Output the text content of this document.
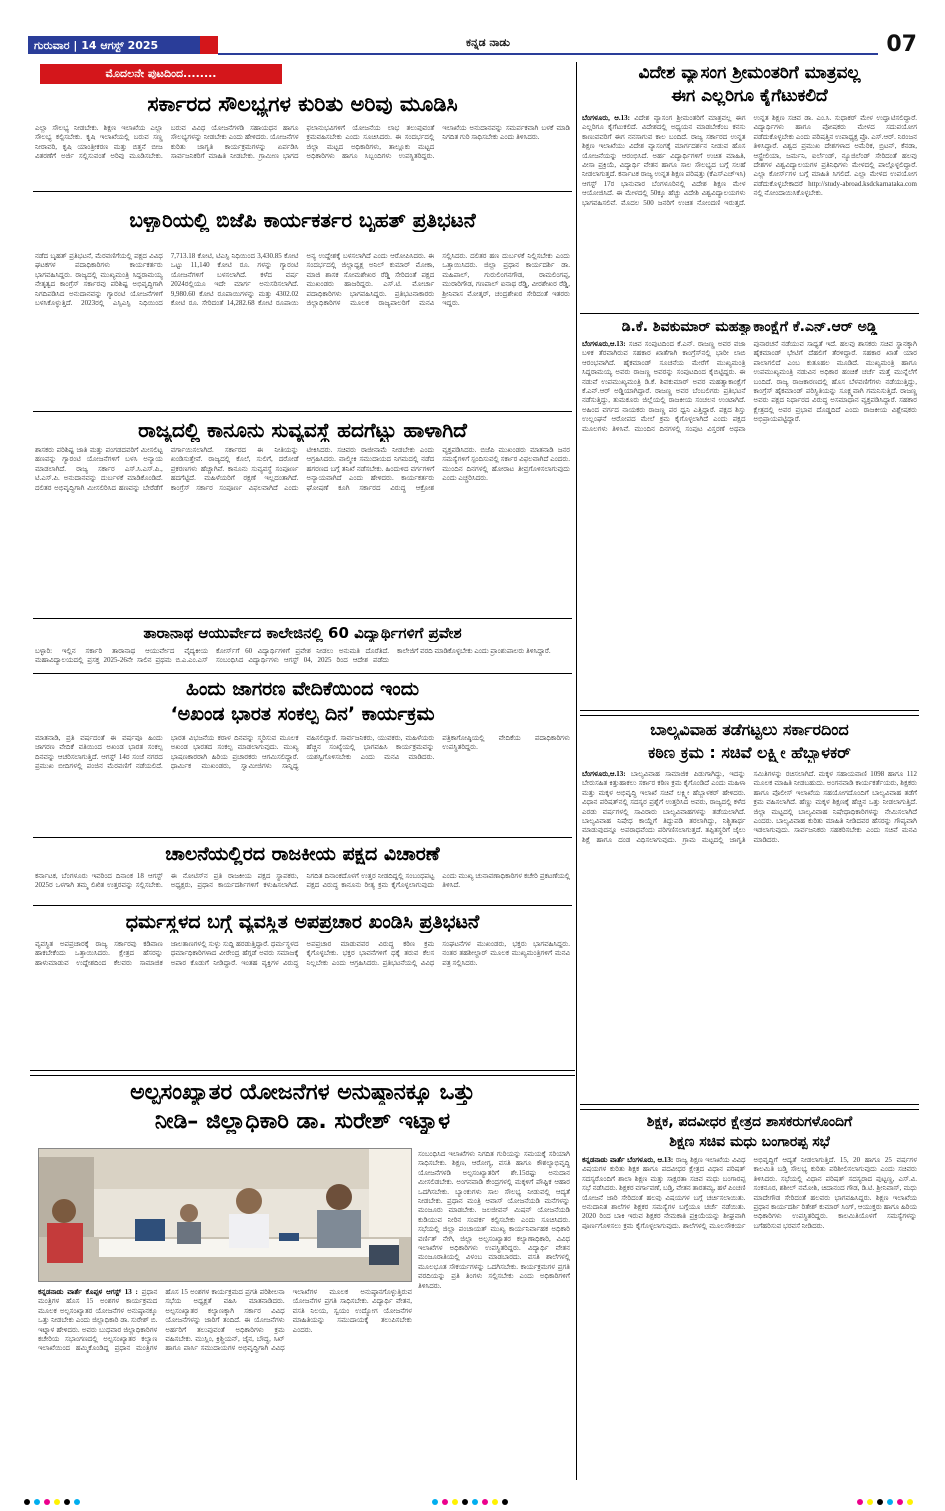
ಗುರುವಾರ | 14 ಆಗಸ್ಟ್ 2025	ಕನ್ನಡ ನಾಡು	07
ಮೊದಲನೇ ಪುಟದಿಂದ........
ಸರ್ಕಾರದ ಸೌಲಭ್ಯಗಳ ಕುರಿತು ಅರಿವು ಮೂಡಿಸಿ
ಎಲ್ಲಾ ಸೌಲಭ್ಯ ನೀಡಬೇಕು. ಶಿಕ್ಷಣ ಇಲಾಖೆಯ ಎಲ್ಲಾ ಸೌಲಭ್ಯ ಕಲ್ಪಿಸಬೇಕು. ಕೃಷಿ ಇಲಾಖೆಯಲ್ಲಿ ಬರುವ ಸಣ್ಣ ನೀರಾವರಿ, ಕೃಷಿ ಯಾಂತ್ರೀಕರಣ ಮತ್ತು ಬಿತ್ತನೆ ಬೀಜ ವಿತರಣೆಗೆ ಅರ್ಜಿ ಸಲ್ಲಿಸುವಂತೆ ಅರಿವು ಮೂಡಿಸಬೇಕು. ಬರುವ ವಿವಿಧ ಯೋಜನೆಗಳಡಿ ಸಹಾಯಧನ ಹಾಗೂ ಸೌಲಭ್ಯಗಳನ್ನು ನೀಡಬೇಕು ಎಂದು ಹೇಳಿದರು. ಯೋಜನೆಗಳ ಕುರಿತು ಜಾಗೃತಿ ಕಾರ್ಯಕ್ರಮಗಳನ್ನು ಏರ್ಪಡಿಸಿ ಸಾರ್ವಜನಿಕರಿಗೆ ಮಾಹಿತಿ ನೀಡಬೇಕು. ಗ್ರಾಮೀಣ ಭಾಗದ ಫಲಾನುಭವಿಗಳಿಗೆ ಯೋಜನೆಯ ಲಾಭ ತಲುಪುವಂತೆ ಕ್ರಮವಹಿಸಬೇಕು ಎಂದು ಸೂಚಿಸಿದರು. ಈ ಸಂದರ್ಭದಲ್ಲಿ ಜಿಲ್ಲಾ ಮಟ್ಟದ ಅಧಿಕಾರಿಗಳು, ತಾಲ್ಲೂಕು ಮಟ್ಟದ ಅಧಿಕಾರಿಗಳು ಹಾಗೂ ಸಿಬ್ಬಂದಿಗಳು ಉಪಸ್ಥಿತರಿದ್ದರು. ಇಲಾಖೆಯ ಅನುದಾನವನ್ನು ಸಮರ್ಪಕವಾಗಿ ಬಳಕೆ ಮಾಡಿ ನಿಗದಿತ ಗುರಿ ಸಾಧಿಸಬೇಕು ಎಂದು ತಿಳಿಸಿದರು.
ಬಳ್ಳಾರಿಯಲ್ಲಿ ಬಿಜೆಪಿ ಕಾರ್ಯಕರ್ತರ ಬೃಹತ್ ಪ್ರತಿಭಟನೆ
ನಡೆದ ಬೃಹತ್ ಪ್ರತಿಭಟನೆ, ಮೆರವಣಿಗೆಯಲ್ಲಿ ಪಕ್ಷದ ವಿವಿಧ ಘಟಕಗಳ ಪದಾಧಿಕಾರಿಗಳು ಕಾರ್ಯಕರ್ತರು ಭಾಗವಹಿಸಿದ್ದರು. ರಾಜ್ಯದಲ್ಲಿ ಮುಖ್ಯಮಂತ್ರಿ ಸಿದ್ದರಾಮಯ್ಯ ನೇತೃತ್ವದ ಕಾಂಗ್ರೆಸ್ ಸರ್ಕಾರವು ಪರಿಶಿಷ್ಟ ಅಭಿವೃದ್ಧಿಗಾಗಿ ನಿಗದಿಪಡಿಸಿದ ಅನುದಾನವನ್ನು ಗ್ಯಾರಂಟಿ ಯೋಜನೆಗಳಿಗೆ ಬಳಸಿಕೊಳ್ಳುತ್ತಿದೆ. 2023ರಲ್ಲಿ ಎಸ್ಸಿಎಸ್ಪಿ ನಿಧಿಯಿಂದ 7,713.18 ಕೋಟಿ, ಟಿಎಸ್ಪಿ ನಿಧಿಯಿಂದ 3,430.85 ಕೋಟಿ ಒಟ್ಟು 11,140 ಕೋಟಿ ರೂ. ಗಳನ್ನು ಗ್ಯಾರಂಟಿ ಯೋಜನೆಗಳಿಗೆ ಬಳಸಲಾಗಿದೆ. ಕಳೆದ ವರ್ಷ 2024ರಲ್ಲಿಯೂ ಇದೇ ಮಾರ್ಗ ಅನುಸರಿಸಲಾಗಿದೆ. 9,980.60 ಕೋಟಿ ರೂಪಾಯಿಗಳನ್ನು ಮತ್ತು 4302.02 ಕೋಟಿ ರೂ. ಸೇರಿದಂತೆ 14,282.68 ಕೋಟಿ ರೂಪಾಯಿ ಅನ್ಯ ಉದ್ದೇಶಕ್ಕೆ ಬಳಸಲಾಗಿದೆ ಎಂದು ಆರೋಪಿಸಿದರು. ಈ ಸಂದರ್ಭದಲ್ಲಿ ಜಿಲ್ಲಾಧ್ಯಕ್ಷ ಅನಿಲ್ ಕುಮಾರ್ ಮೋಕಾ, ಮಾಜಿ ಶಾಸಕ ಸೋಮಶೇಖರ ರೆಡ್ಡಿ ಸೇರಿದಂತೆ ಪಕ್ಷದ ಮುಖಂಡರು ಹಾಜರಿದ್ದರು. ಎಸ್.ಟಿ. ಮೋರ್ಚಾ ಪದಾಧಿಕಾರಿಗಳು ಭಾಗವಹಿಸಿದ್ದರು. ಪ್ರತಿಭಟನಾಕಾರರು ಜಿಲ್ಲಾಧಿಕಾರಿಗಳ ಮೂಲಕ ರಾಜ್ಯಪಾಲರಿಗೆ ಮನವಿ ಸಲ್ಲಿಸಿದರು. ದಲಿತರ ಹಣ ದುರ್ಬಳಕೆ ನಿಲ್ಲಿಸಬೇಕು ಎಂದು ಒತ್ತಾಯಿಸಿದರು. ಜಿಲ್ಲಾ ಪ್ರಧಾನ ಕಾರ್ಯದರ್ಶಿ ಡಾ. ಮಹಿಪಾಲ್, ಗುರುಲಿಂಗನಗೌಡ, ರಾಮಲಿಂಗಪ್ಪ, ಮುರಾರಿಗೌಡ, ಗಣಪಾಲ್ ಐನಾಥ ರೆಡ್ಡಿ, ವೀರಶೇಖರ ರೆಡ್ಡಿ, ಶ್ರೀನಿವಾಸ ಮೋತ್ಕರ್, ಚಂದ್ರಶೇಖರ ಸೇರಿದಂತೆ ಇತರರು ಇದ್ದರು.
ರಾಜ್ಯದಲ್ಲಿ ಕಾನೂನು ಸುವ್ಯವಸ್ಥೆ ಹದಗೆಟ್ಟು ಹಾಳಾಗಿದೆ
ಶಾಸಕರು ಪರಿಶಿಷ್ಟ ಜಾತಿ ಮತ್ತು ಪಂಗಡದವರಿಗೆ ಮೀಸಲಿಟ್ಟ ಹಣವನ್ನು ಗ್ಯಾರಂಟಿ ಯೋಜನೆಗಳಿಗೆ ಬಳಸಿ ಅನ್ಯಾಯ ಮಾಡಲಾಗಿದೆ. ರಾಜ್ಯ ಸರ್ಕಾರ ಎಸ್.ಸಿ.ಎಸ್.ಪಿ., ಟಿ.ಎಸ್.ಪಿ. ಅನುದಾನವನ್ನು ದುರ್ಬಳಕೆ ಮಾಡಿಕೊಂಡಿದೆ. ದಲಿತರ ಅಭಿವೃದ್ಧಿಗಾಗಿ ಮೀಸಲಿರಿಸಿದ ಹಣವನ್ನು ಬೇರೆಡೆಗೆ ವರ್ಗಾಯಿಸಲಾಗಿದೆ. ಸರ್ಕಾರದ ಈ ನೀತಿಯನ್ನು ಖಂಡಿಸುತ್ತೇವೆ. ರಾಜ್ಯದಲ್ಲಿ ಕೊಲೆ, ಸುಲಿಗೆ, ದರೋಡೆ ಪ್ರಕರಣಗಳು ಹೆಚ್ಚಾಗಿವೆ. ಕಾನೂನು ಸುವ್ಯವಸ್ಥೆ ಸಂಪೂರ್ಣ ಹದಗೆಟ್ಟಿದೆ. ಮಹಿಳೆಯರಿಗೆ ರಕ್ಷಣೆ ಇಲ್ಲದಂತಾಗಿದೆ. ಕಾಂಗ್ರೆಸ್ ಸರ್ಕಾರ ಸಂಪೂರ್ಣ ವಿಫಲವಾಗಿದೆ ಎಂದು ಟೀಕಿಸಿದರು. ಸಚಿವರು ರಾಜೀನಾಮೆ ನೀಡಬೇಕು ಎಂದು ಆಗ್ರಹಿಸಿದರು. ವಾಲ್ಮೀಕಿ ಸಮುದಾಯದ ನಿಗಮದಲ್ಲಿ ನಡೆದ ಹಗರಣದ ಬಗ್ಗೆ ತನಿಖೆ ನಡೆಸಬೇಕು. ಹಿಂದುಳಿದ ವರ್ಗಗಳಿಗೆ ಅನ್ಯಾಯವಾಗಿದೆ ಎಂದು ಹೇಳಿದರು. ಕಾರ್ಯಕರ್ತರು ಘೋಷಣೆ ಕೂಗಿ ಸರ್ಕಾರದ ವಿರುದ್ಧ ಆಕ್ರೋಶ ವ್ಯಕ್ತಪಡಿಸಿದರು. ಬಿಜೆಪಿ ಮುಖಂಡರು ಮಾತನಾಡಿ ಜನರ ಸಮಸ್ಯೆಗಳಿಗೆ ಸ್ಪಂದಿಸುವಲ್ಲಿ ಸರ್ಕಾರ ವಿಫಲವಾಗಿದೆ ಎಂದರು. ಮುಂದಿನ ದಿನಗಳಲ್ಲಿ ಹೋರಾಟ ತೀವ್ರಗೊಳಿಸಲಾಗುವುದು ಎಂದು ಎಚ್ಚರಿಸಿದರು.
ತಾರಾನಾಥ ಆಯುರ್ವೇದ ಕಾಲೇಜಿನಲ್ಲಿ 60 ವಿದ್ಯಾರ್ಥಿಗಳಿಗೆ ಪ್ರವೇಶ
ಬಳ್ಳಾರಿ: ಇಲ್ಲಿನ ಸರ್ಕಾರಿ ತಾರಾನಾಥ ಆಯುರ್ವೇದ ವೈದ್ಯಕೀಯ ಮಹಾವಿದ್ಯಾಲಯದಲ್ಲಿ ಪ್ರಸಕ್ತ 2025-26ನೇ ಸಾಲಿನ ಪ್ರಥಮ ಬಿ.ಎ.ಎಂ.ಎಸ್ ಕೋರ್ಸ್‌ಗೆ 60 ವಿದ್ಯಾರ್ಥಿಗಳಿಗೆ ಪ್ರವೇಶ ನೀಡಲು ಅನುಮತಿ ದೊರೆತಿದೆ. ಸಂಬಂಧಿಸಿದ ವಿದ್ಯಾರ್ಥಿಗಳು ಆಗಸ್ಟ್ 04, 2025 ರಿಂದ ಆದೇಶ ಪಡೆದು ಕಾಲೇಜಿಗೆ ವರದಿ ಮಾಡಿಕೊಳ್ಳಬೇಕು ಎಂದು ಪ್ರಾಂಶುಪಾಲರು ತಿಳಿಸಿದ್ದಾರೆ.
ಹಿಂದು ಜಾಗರಣ ವೇದಿಕೆಯಿಂದ ಇಂದು
‘ಅಖಂಡ ಭಾರತ ಸಂಕಲ್ಪ ದಿನ’ ಕಾರ್ಯಕ್ರಮ
ಮಾತನಾಡಿ, ಪ್ರತಿ ವರ್ಷದಂತೆ ಈ ವರ್ಷವೂ ಹಿಂದು ಜಾಗರಣ ವೇದಿಕೆ ವತಿಯಿಂದ ಅಖಂಡ ಭಾರತ ಸಂಕಲ್ಪ ದಿನವನ್ನು ಆಚರಿಸಲಾಗುತ್ತಿದೆ. ಆಗಸ್ಟ್ 14ರ ಸಂಜೆ ನಗರದ ಪ್ರಮುಖ ಬೀದಿಗಳಲ್ಲಿ ಪಂಜಿನ ಮೆರವಣಿಗೆ ನಡೆಯಲಿದೆ. ಭಾರತ ವಿಭಜನೆಯ ಕರಾಳ ದಿನವನ್ನು ಸ್ಮರಿಸುವ ಮೂಲಕ ಅಖಂಡ ಭಾರತದ ಸಂಕಲ್ಪ ಮಾಡಲಾಗುವುದು. ಮುಖ್ಯ ಭಾಷಣಕಾರರಾಗಿ ಹಿರಿಯ ಪ್ರಚಾರಕರು ಆಗಮಿಸಲಿದ್ದಾರೆ. ಧಾರ್ಮಿಕ ಮುಖಂಡರು, ಸ್ವಾಮೀಜಿಗಳು ಸಾನ್ನಿಧ್ಯ ವಹಿಸಲಿದ್ದಾರೆ. ಸಾರ್ವಜನಿಕರು, ಯುವಕರು, ಮಹಿಳೆಯರು ಹೆಚ್ಚಿನ ಸಂಖ್ಯೆಯಲ್ಲಿ ಭಾಗವಹಿಸಿ ಕಾರ್ಯಕ್ರಮವನ್ನು ಯಶಸ್ವಿಗೊಳಿಸಬೇಕು ಎಂದು ಮನವಿ ಮಾಡಿದರು. ಪತ್ರಿಕಾಗೋಷ್ಠಿಯಲ್ಲಿ ವೇದಿಕೆಯ ಪದಾಧಿಕಾರಿಗಳು ಉಪಸ್ಥಿತರಿದ್ದರು.
ಚಾಲನೆಯಲ್ಲಿರದ ರಾಜಕೀಯ ಪಕ್ಷದ ವಿಚಾರಣೆ
ಕರ್ನಾಟಕ, ಬೆಂಗಳೂರು ಇವರಿಂದ ದಿನಾಂಕ 18 ಆಗಸ್ಟ್ 2025ರ ಒಳಗಾಗಿ ತಮ್ಮ ಲಿಖಿತ ಉತ್ತರವನ್ನು ಸಲ್ಲಿಸಬೇಕು. ಈ ನೋಟಿಸ್‌ನ ಪ್ರತಿ ರಾಜಕೀಯ ಪಕ್ಷದ ಸ್ಥಾಪಕರು, ಅಧ್ಯಕ್ಷರು, ಪ್ರಧಾನ ಕಾರ್ಯದರ್ಶಿಗಳಿಗೆ ಕಳುಹಿಸಲಾಗಿದೆ. ನಿಗದಿತ ದಿನಾಂಕದೊಳಗೆ ಉತ್ತರ ನೀಡದಿದ್ದಲ್ಲಿ ಸಂಬಂಧಪಟ್ಟ ಪಕ್ಷದ ವಿರುದ್ಧ ಕಾನೂನು ರೀತ್ಯ ಕ್ರಮ ಕೈಗೊಳ್ಳಲಾಗುವುದು ಎಂದು ಮುಖ್ಯ ಚುನಾವಣಾಧಿಕಾರಿಗಳ ಕಚೇರಿ ಪ್ರಕಟಣೆಯಲ್ಲಿ ತಿಳಿಸಿದೆ.
ಧರ್ಮಸ್ಥಳದ ಬಗ್ಗೆ ವ್ಯವಸ್ಥಿತ ಅಪಪ್ರಚಾರ ಖಂಡಿಸಿ ಪ್ರತಿಭಟನೆ
ವ್ಯವಸ್ಥಿತ ಅಪಪ್ರಚಾರಕ್ಕೆ ರಾಜ್ಯ ಸರ್ಕಾರವು ಕಡಿವಾಣ ಹಾಕಬೇಕೆಂದು ಒತ್ತಾಯಿಸಿದರು. ಕ್ಷೇತ್ರದ ಹೆಸರನ್ನು ಹಾಳುಮಾಡುವ ಉದ್ದೇಶದಿಂದ ಕೆಲವರು ಸಾಮಾಜಿಕ ಜಾಲತಾಣಗಳಲ್ಲಿ ಸುಳ್ಳು ಸುದ್ದಿ ಹರಡುತ್ತಿದ್ದಾರೆ. ಧರ್ಮಸ್ಥಳದ ಧರ್ಮಾಧಿಕಾರಿಗಳಾದ ವೀರೇಂದ್ರ ಹೆಗ್ಗಡೆ ಅವರು ಸಮಾಜಕ್ಕೆ ಅಪಾರ ಕೊಡುಗೆ ನೀಡಿದ್ದಾರೆ. ಇಂತಹ ವ್ಯಕ್ತಿಗಳ ವಿರುದ್ಧ ಅಪಪ್ರಚಾರ ಮಾಡುವವರ ವಿರುದ್ಧ ಕಠಿಣ ಕ್ರಮ ಕೈಗೊಳ್ಳಬೇಕು. ಭಕ್ತರ ಭಾವನೆಗಳಿಗೆ ಧಕ್ಕೆ ತರುವ ಕೆಲಸ ನಿಲ್ಲಬೇಕು ಎಂದು ಆಗ್ರಹಿಸಿದರು. ಪ್ರತಿಭಟನೆಯಲ್ಲಿ ವಿವಿಧ ಸಂಘಟನೆಗಳ ಮುಖಂಡರು, ಭಕ್ತರು ಭಾಗವಹಿಸಿದ್ದರು. ನಂತರ ತಹಶೀಲ್ದಾರ್ ಮೂಲಕ ಮುಖ್ಯಮಂತ್ರಿಗಳಿಗೆ ಮನವಿ ಪತ್ರ ಸಲ್ಲಿಸಿದರು.
ಅಲ್ಪಸಂಖ್ಯಾತರ ಯೋಜನೆಗಳ ಅನುಷ್ಠಾನಕ್ಕೂ ಒತ್ತು
ನೀಡಿ– ಜಿಲ್ಲಾಧಿಕಾರಿ ಡಾ. ಸುರೇಶ್ ಇಟ್ನಾಳ
ಕನ್ನಡನಾಡು ವಾರ್ತೆ ಕೊಪ್ಪಳ ಆಗಸ್ಟ್ 13 : ಪ್ರಧಾನ ಮಂತ್ರಿಗಳ ಹೊಸ 15 ಅಂಶಗಳ ಕಾರ್ಯಕ್ರಮದ ಮೂಲಕ ಅಲ್ಪಸಂಖ್ಯಾತರ ಯೋಜನೆಗಳ ಅನುಷ್ಠಾನಕ್ಕೂ ಒತ್ತು ನೀಡಬೇಕು ಎಂದು ಜಿಲ್ಲಾಧಿಕಾರಿ ಡಾ. ಸುರೇಶ್ ಬಿ. ಇಟ್ನಾಳ ಹೇಳಿದರು. ಅವರು ಬುಧವಾರ ಜಿಲ್ಲಾಧಿಕಾರಿಗಳ ಕಚೇರಿಯ ಸಭಾಂಗಣದಲ್ಲಿ ಅಲ್ಪಸಂಖ್ಯಾತರ ಕಲ್ಯಾಣ ಇಲಾಖೆಯಿಂದ ಹಮ್ಮಿಕೊಂಡಿದ್ದ ಪ್ರಧಾನ ಮಂತ್ರಿಗಳ ಹೊಸ 15 ಅಂಶಗಳ ಕಾರ್ಯಕ್ರಮದ ಪ್ರಗತಿ ಪರಿಶೀಲನಾ ಸಭೆಯ ಅಧ್ಯಕ್ಷತೆ ವಹಿಸಿ ಮಾತನಾಡಿದರು. ಅಲ್ಪಸಂಖ್ಯಾತರ ಕಲ್ಯಾಣಕ್ಕಾಗಿ ಸರ್ಕಾರ ವಿವಿಧ ಯೋಜನೆಗಳನ್ನು ಜಾರಿಗೆ ತಂದಿದೆ. ಈ ಯೋಜನೆಗಳು ಅರ್ಹರಿಗೆ ತಲುಪುವಂತೆ ಅಧಿಕಾರಿಗಳು ಕ್ರಮ ವಹಿಸಬೇಕು. ಮುಸ್ಲಿಂ, ಕ್ರಿಶ್ಚಿಯನ್, ಜೈನ, ಬೌದ್ಧ, ಸಿಖ್ ಹಾಗೂ ಪಾರ್ಸಿ ಸಮುದಾಯಗಳ ಅಭಿವೃದ್ಧಿಗಾಗಿ ವಿವಿಧ ಇಲಾಖೆಗಳ ಮೂಲಕ ಅನುಷ್ಠಾನಗೊಳ್ಳುತ್ತಿರುವ ಯೋಜನೆಗಳ ಪ್ರಗತಿ ಸಾಧಿಸಬೇಕು. ವಿದ್ಯಾರ್ಥಿ ವೇತನ, ವಸತಿ ನಿಲಯ, ಸ್ವಯಂ ಉದ್ಯೋಗ ಯೋಜನೆಗಳ ಮಾಹಿತಿಯನ್ನು ಸಮುದಾಯಕ್ಕೆ ತಲುಪಿಸಬೇಕು ಎಂದರು.
ಸಂಬಂಧಿಸಿದ ಇಲಾಖೆಗಳು ನಿಗದಿತ ಗುರಿಯನ್ನು ಸಮಯಕ್ಕೆ ಸರಿಯಾಗಿ ಸಾಧಿಸಬೇಕು. ಶಿಕ್ಷಣ, ಆರೋಗ್ಯ, ವಸತಿ ಹಾಗೂ ಕೌಶಲ್ಯಾಭಿವೃದ್ಧಿ ಯೋಜನೆಗಳಡಿ ಅಲ್ಪಸಂಖ್ಯಾತರಿಗೆ ಶೇ.15ರಷ್ಟು ಅನುದಾನ ಮೀಸಲಿಡಬೇಕು. ಅಂಗನವಾಡಿ ಕೇಂದ್ರಗಳಲ್ಲಿ ಮಕ್ಕಳಿಗೆ ಪೌಷ್ಟಿಕ ಆಹಾರ ಒದಗಿಸಬೇಕು. ಬ್ಯಾಂಕುಗಳು ಸಾಲ ಸೌಲಭ್ಯ ನೀಡುವಲ್ಲಿ ಆದ್ಯತೆ ನೀಡಬೇಕು. ಪ್ರಧಾನ ಮಂತ್ರಿ ಆವಾಸ್ ಯೋಜನೆಯಡಿ ಮನೆಗಳನ್ನು ಮಂಜೂರು ಮಾಡಬೇಕು. ಜಲಜೀವನ್ ಮಿಷನ್ ಯೋಜನೆಯಡಿ ಕುಡಿಯುವ ನೀರಿನ ಸಂಪರ್ಕ ಕಲ್ಪಿಸಬೇಕು ಎಂದು ಸೂಚಿಸಿದರು. ಸಭೆಯಲ್ಲಿ ಜಿಲ್ಲಾ ಪಂಚಾಯತ್ ಮುಖ್ಯ ಕಾರ್ಯನಿರ್ವಾಹಕ ಅಧಿಕಾರಿ ವರ್ಣಿತ್ ನೇಗಿ, ಜಿಲ್ಲಾ ಅಲ್ಪಸಂಖ್ಯಾತರ ಕಲ್ಯಾಣಾಧಿಕಾರಿ, ವಿವಿಧ ಇಲಾಖೆಗಳ ಅಧಿಕಾರಿಗಳು ಉಪಸ್ಥಿತರಿದ್ದರು. ವಿದ್ಯಾರ್ಥಿ ವೇತನ ಮಂಜೂರಾತಿಯಲ್ಲಿ ವಿಳಂಬ ಮಾಡಬಾರದು. ವಸತಿ ಶಾಲೆಗಳಲ್ಲಿ ಮೂಲಭೂತ ಸೌಕರ್ಯಗಳನ್ನು ಒದಗಿಸಬೇಕು. ಕಾರ್ಯಕ್ರಮಗಳ ಪ್ರಗತಿ ವರದಿಯನ್ನು ಪ್ರತಿ ತಿಂಗಳು ಸಲ್ಲಿಸಬೇಕು ಎಂದು ಅಧಿಕಾರಿಗಳಿಗೆ ತಿಳಿಸಿದರು.
ವಿದೇಶ ವ್ಯಾಸಂಗ ಶ್ರೀಮಂತರಿಗೆ ಮಾತ್ರವಲ್ಲ
ಈಗ ಎಲ್ಲರಿಗೂ ಕೈಗೆಟುಕಲಿದೆ
ಬೆಂಗಳೂರು, ಆ.13: ವಿದೇಶ ವ್ಯಾಸಂಗ ಶ್ರೀಮಂತರಿಗೆ ಮಾತ್ರವಲ್ಲ ಈಗ ಎಲ್ಲರಿಗೂ ಕೈಗೆಟುಕಲಿದೆ. ವಿದೇಶದಲ್ಲಿ ಅಧ್ಯಯನ ಮಾಡಬೇಕೆಂಬ ಕನಸು ಕಾಣುವವರಿಗೆ ಈಗ ನನಸಾಗುವ ಕಾಲ ಬಂದಿದೆ. ರಾಜ್ಯ ಸರ್ಕಾರದ ಉನ್ನತ ಶಿಕ್ಷಣ ಇಲಾಖೆಯು ವಿದೇಶ ವ್ಯಾಸಂಗಕ್ಕೆ ಮಾರ್ಗದರ್ಶನ ನೀಡುವ ಹೊಸ ಯೋಜನೆಯನ್ನು ಆರಂಭಿಸಿದೆ. ಅರ್ಹ ವಿದ್ಯಾರ್ಥಿಗಳಿಗೆ ಉಚಿತ ಮಾಹಿತಿ, ವೀಸಾ ಪ್ರಕ್ರಿಯೆ, ವಿದ್ಯಾರ್ಥಿ ವೇತನ ಹಾಗೂ ಸಾಲ ಸೌಲಭ್ಯದ ಬಗ್ಗೆ ಸಲಹೆ ನೀಡಲಾಗುತ್ತದೆ. ಕರ್ನಾಟಕ ರಾಜ್ಯ ಉನ್ನತ ಶಿಕ್ಷಣ ಪರಿಷತ್ತು (ಕೆಎಸ್‌ಎಚ್‌ಇಸಿ) ಆಗಸ್ಟ್ 17ರ ಭಾನುವಾರ ಬೆಂಗಳೂರಿನಲ್ಲಿ ವಿದೇಶ ಶಿಕ್ಷಣ ಮೇಳ ಆಯೋಜಿಸಿದೆ. ಈ ಮೇಳದಲ್ಲಿ 50ಕ್ಕೂ ಹೆಚ್ಚು ವಿದೇಶಿ ವಿಶ್ವವಿದ್ಯಾಲಯಗಳು ಭಾಗವಹಿಸಲಿವೆ. ಮೊದಲ 500 ಜನರಿಗೆ ಉಚಿತ ನೋಂದಣಿ ಇರುತ್ತದೆ. ಉನ್ನತ ಶಿಕ್ಷಣ ಸಚಿವ ಡಾ. ಎಂ.ಸಿ. ಸುಧಾಕರ್ ಮೇಳ ಉದ್ಘಾಟಿಸಲಿದ್ದಾರೆ. ವಿದ್ಯಾರ್ಥಿಗಳು ಹಾಗೂ ಪೋಷಕರು ಮೇಳದ ಸದುಪಯೋಗ ಪಡೆದುಕೊಳ್ಳಬೇಕು ಎಂದು ಪರಿಷತ್ತಿನ ಉಪಾಧ್ಯಕ್ಷ ಪ್ರೊ. ಎಸ್.ಆರ್. ನಿರಂಜನ ತಿಳಿಸಿದ್ದಾರೆ. ವಿಶ್ವದ ಪ್ರಮುಖ ದೇಶಗಳಾದ ಅಮೆರಿಕ, ಬ್ರಿಟನ್, ಕೆನಡಾ, ಆಸ್ಟ್ರೇಲಿಯಾ, ಜರ್ಮನಿ, ಐರ್ಲೆಂಡ್, ನ್ಯೂಜಿಲೆಂಡ್ ಸೇರಿದಂತೆ ಹಲವು ದೇಶಗಳ ವಿಶ್ವವಿದ್ಯಾಲಯಗಳ ಪ್ರತಿನಿಧಿಗಳು ಮೇಳದಲ್ಲಿ ಪಾಲ್ಗೊಳ್ಳಲಿದ್ದಾರೆ. ಎಲ್ಲಾ ಕೋರ್ಸ್‌ಗಳ ಬಗ್ಗೆ ಮಾಹಿತಿ ಸಿಗಲಿದೆ. ಎಲ್ಲಾ ಮೇಳದ ಉಪಯೋಗ ಪಡೆದುಕೊಳ್ಳಬೇಕಾದರೆ http://study-abroad.ksdckarnataka.com ನಲ್ಲಿ ನೋಂದಾಯಿಸಿಕೊಳ್ಳಬೇಕು.
ಡಿ.ಕೆ. ಶಿವಕುಮಾರ್ ಮಹತ್ವಾಕಾಂಕ್ಷೆಗೆ ಕೆ.ಎನ್.ಆರ್ ಅಡ್ಡಿ
ಬೆಂಗಳೂರು,ಆ.13: ಸಚಿವ ಸಂಪುಟದಿಂದ ಕೆ.ಎನ್. ರಾಜಣ್ಣ ಅವರ ವಜಾ ಬಳಿಕ ತೆರವಾಗಿರುವ ಸಹಕಾರ ಖಾತೆಗಾಗಿ ಕಾಂಗ್ರೆಸ್‌ನಲ್ಲಿ ಭಾರೀ ಲಾಬಿ ಆರಂಭವಾಗಿದೆ. ಹೈಕಮಾಂಡ್ ಸೂಚನೆಯ ಮೇರೆಗೆ ಮುಖ್ಯಮಂತ್ರಿ ಸಿದ್ದರಾಮಯ್ಯ ಅವರು ರಾಜಣ್ಣ ಅವರನ್ನು ಸಂಪುಟದಿಂದ ಕೈಬಿಟ್ಟಿದ್ದರು. ಈ ನಡುವೆ ಉಪಮುಖ್ಯಮಂತ್ರಿ ಡಿ.ಕೆ. ಶಿವಕುಮಾರ್ ಅವರ ಮಹತ್ವಾಕಾಂಕ್ಷೆಗೆ ಕೆ.ಎನ್.ಆರ್ ಅಡ್ಡಿಯಾಗಿದ್ದಾರೆ. ರಾಜಣ್ಣ ಅವರ ಬೆಂಬಲಿಗರು ಪ್ರತಿಭಟನೆ ನಡೆಸುತ್ತಿದ್ದು, ತುಮಕೂರು ಜಿಲ್ಲೆಯಲ್ಲಿ ರಾಜಕೀಯ ಸಂಚಲನ ಉಂಟಾಗಿದೆ. ಅಹಿಂದ ವರ್ಗದ ನಾಯಕರು ರಾಜಣ್ಣ ಪರ ಧ್ವನಿ ಎತ್ತಿದ್ದಾರೆ. ಪಕ್ಷದ ಶಿಸ್ತು ಉಲ್ಲಂಘನೆ ಆರೋಪದ ಮೇಲೆ ಕ್ರಮ ಕೈಗೊಳ್ಳಲಾಗಿದೆ ಎಂದು ಪಕ್ಷದ ಮೂಲಗಳು ತಿಳಿಸಿವೆ. ಮುಂದಿನ ದಿನಗಳಲ್ಲಿ ಸಂಪುಟ ವಿಸ್ತರಣೆ ಅಥವಾ ಪುನಾರಚನೆ ನಡೆಯುವ ಸಾಧ್ಯತೆ ಇದೆ. ಹಲವು ಶಾಸಕರು ಸಚಿವ ಸ್ಥಾನಕ್ಕಾಗಿ ಹೈಕಮಾಂಡ್ ಭೇಟಿಗೆ ದೆಹಲಿಗೆ ತೆರಳಿದ್ದಾರೆ. ಸಹಕಾರ ಖಾತೆ ಯಾರ ಪಾಲಾಗಲಿದೆ ಎಂಬ ಕುತೂಹಲ ಮೂಡಿದೆ. ಮುಖ್ಯಮಂತ್ರಿ ಹಾಗೂ ಉಪಮುಖ್ಯಮಂತ್ರಿ ನಡುವಿನ ಅಧಿಕಾರ ಹಂಚಿಕೆ ಚರ್ಚೆ ಮತ್ತೆ ಮುನ್ನೆಲೆಗೆ ಬಂದಿದೆ. ರಾಜ್ಯ ರಾಜಕಾರಣದಲ್ಲಿ ಹೊಸ ಬೆಳವಣಿಗೆಗಳು ನಡೆಯುತ್ತಿದ್ದು, ಕಾಂಗ್ರೆಸ್ ಹೈಕಮಾಂಡ್ ಪರಿಸ್ಥಿತಿಯನ್ನು ಸೂಕ್ಷ್ಮವಾಗಿ ಗಮನಿಸುತ್ತಿದೆ. ರಾಜಣ್ಣ ಅವರು ಪಕ್ಷದ ನಿರ್ಧಾರದ ವಿರುದ್ಧ ಅಸಮಾಧಾನ ವ್ಯಕ್ತಪಡಿಸಿದ್ದಾರೆ. ಸಹಕಾರ ಕ್ಷೇತ್ರದಲ್ಲಿ ಅವರ ಪ್ರಭಾವ ದೊಡ್ಡದಿದೆ ಎಂದು ರಾಜಕೀಯ ವಿಶ್ಲೇಷಕರು ಅಭಿಪ್ರಾಯಪಟ್ಟಿದ್ದಾರೆ.
ಬಾಲ್ಯವಿವಾಹ ತಡೆಗಟ್ಟಲು ಸರ್ಕಾರದಿಂದ
ಕಠಿಣ ಕ್ರಮ : ಸಚಿವೆ ಲಕ್ಷ್ಮೀ ಹೆಬ್ಬಾಳಕರ್
ಬೆಂಗಳೂರು,ಆ.13: ಬಾಲ್ಯವಿವಾಹ ಸಾಮಾಜಿಕ ಪಿಡುಗಾಗಿದ್ದು, ಇದನ್ನು ಬೇರುಸಹಿತ ಕಿತ್ತುಹಾಕಲು ಸರ್ಕಾರ ಕಠಿಣ ಕ್ರಮ ಕೈಗೊಂಡಿದೆ ಎಂದು ಮಹಿಳಾ ಮತ್ತು ಮಕ್ಕಳ ಅಭಿವೃದ್ಧಿ ಇಲಾಖೆ ಸಚಿವೆ ಲಕ್ಷ್ಮೀ ಹೆಬ್ಬಾಳಕರ್ ಹೇಳಿದರು. ವಿಧಾನ ಪರಿಷತ್‌ನಲ್ಲಿ ಸದಸ್ಯರ ಪ್ರಶ್ನೆಗೆ ಉತ್ತರಿಸಿದ ಅವರು, ರಾಜ್ಯದಲ್ಲಿ ಕಳೆದ ಎರಡು ವರ್ಷಗಳಲ್ಲಿ ಸಾವಿರಾರು ಬಾಲ್ಯವಿವಾಹಗಳನ್ನು ತಡೆಯಲಾಗಿದೆ. ಬಾಲ್ಯವಿವಾಹ ನಿಷೇಧ ಕಾಯ್ದೆಗೆ ತಿದ್ದುಪಡಿ ತರಲಾಗಿದ್ದು, ನಿಶ್ಚಿತಾರ್ಥ ಮಾಡುವುದನ್ನೂ ಅಪರಾಧವೆಂದು ಪರಿಗಣಿಸಲಾಗುತ್ತದೆ. ತಪ್ಪಿತಸ್ಥರಿಗೆ ಜೈಲು ಶಿಕ್ಷೆ ಹಾಗೂ ದಂಡ ವಿಧಿಸಲಾಗುವುದು. ಗ್ರಾಮ ಮಟ್ಟದಲ್ಲಿ ಜಾಗೃತಿ ಸಮಿತಿಗಳನ್ನು ರಚಿಸಲಾಗಿದೆ. ಮಕ್ಕಳ ಸಹಾಯವಾಣಿ 1098 ಹಾಗೂ 112 ಮೂಲಕ ಮಾಹಿತಿ ನೀಡಬಹುದು. ಅಂಗನವಾಡಿ ಕಾರ್ಯಕರ್ತೆಯರು, ಶಿಕ್ಷಕರು ಹಾಗೂ ಪೊಲೀಸ್ ಇಲಾಖೆಯ ಸಹಯೋಗದೊಂದಿಗೆ ಬಾಲ್ಯವಿವಾಹ ತಡೆಗೆ ಕ್ರಮ ವಹಿಸಲಾಗಿದೆ. ಹೆಣ್ಣು ಮಕ್ಕಳ ಶಿಕ್ಷಣಕ್ಕೆ ಹೆಚ್ಚಿನ ಒತ್ತು ನೀಡಲಾಗುತ್ತಿದೆ. ಜಿಲ್ಲಾ ಮಟ್ಟದಲ್ಲಿ ಬಾಲ್ಯವಿವಾಹ ನಿಷೇಧಾಧಿಕಾರಿಗಳನ್ನು ನೇಮಿಸಲಾಗಿದೆ ಎಂದರು. ಬಾಲ್ಯವಿವಾಹ ಕುರಿತು ಮಾಹಿತಿ ನೀಡಿದವರ ಹೆಸರನ್ನು ಗೌಪ್ಯವಾಗಿ ಇಡಲಾಗುವುದು. ಸಾರ್ವಜನಿಕರು ಸಹಕರಿಸಬೇಕು ಎಂದು ಸಚಿವೆ ಮನವಿ ಮಾಡಿದರು.
ಶಿಕ್ಷಕ, ಪದವೀಧರ ಕ್ಷೇತ್ರದ ಶಾಸಕರುಗಳೊಂದಿಗೆ
ಶಿಕ್ಷಣ ಸಚಿವ ಮಧು ಬಂಗಾರಪ್ಪ ಸಭೆ
ಕನ್ನಡನಾಡು ವಾರ್ತೆ ಬೆಂಗಳೂರು, ಆ.13: ರಾಜ್ಯ ಶಿಕ್ಷಣ ಇಲಾಖೆಯ ವಿವಿಧ ವಿಷಯಗಳ ಕುರಿತು ಶಿಕ್ಷಕ ಹಾಗೂ ಪದವೀಧರ ಕ್ಷೇತ್ರದ ವಿಧಾನ ಪರಿಷತ್ ಸದಸ್ಯರೊಂದಿಗೆ ಶಾಲಾ ಶಿಕ್ಷಣ ಮತ್ತು ಸಾಕ್ಷರತಾ ಸಚಿವ ಮಧು ಬಂಗಾರಪ್ಪ ಸಭೆ ನಡೆಸಿದರು. ಶಿಕ್ಷಕರ ವರ್ಗಾವಣೆ, ಬಡ್ತಿ, ವೇತನ ತಾರತಮ್ಯ, ಹಳೆ ಪಿಂಚಣಿ ಯೋಜನೆ ಜಾರಿ ಸೇರಿದಂತೆ ಹಲವು ವಿಷಯಗಳ ಬಗ್ಗೆ ಚರ್ಚಿಸಲಾಯಿತು. ಅನುದಾನಿತ ಶಾಲೆಗಳ ಶಿಕ್ಷಕರ ಸಮಸ್ಯೆಗಳ ಬಗ್ಗೆಯೂ ಚರ್ಚೆ ನಡೆಯಿತು. 2020 ರಿಂದ ಬಾಕಿ ಇರುವ ಶಿಕ್ಷಕರ ನೇಮಕಾತಿ ಪ್ರಕ್ರಿಯೆಯನ್ನು ಶೀಘ್ರವಾಗಿ ಪೂರ್ಣಗೊಳಿಸಲು ಕ್ರಮ ಕೈಗೊಳ್ಳಲಾಗುವುದು. ಶಾಲೆಗಳಲ್ಲಿ ಮೂಲಸೌಕರ್ಯ ಅಭಿವೃದ್ಧಿಗೆ ಆದ್ಯತೆ ನೀಡಲಾಗುತ್ತಿದೆ. 15, 20 ಹಾಗೂ 25 ವರ್ಷಗಳ ಕಾಲಮಿತಿ ಬಡ್ತಿ ಸೌಲಭ್ಯ ಕುರಿತು ಪರಿಶೀಲಿಸಲಾಗುವುದು ಎಂದು ಸಚಿವರು ತಿಳಿಸಿದರು. ಸಭೆಯಲ್ಲಿ ವಿಧಾನ ಪರಿಷತ್ ಸದಸ್ಯರಾದ ಪುಟ್ಟಣ್ಣ, ಎಸ್.ವಿ. ಸಂಕನೂರ, ಶಶೀಲ್ ನಮೋಶಿ, ಚಿದಾನಂದ ಗೌಡ, ಡಿ.ಟಿ. ಶ್ರೀನಿವಾಸ್, ಮಧು ಮಾದೇಗೌಡ ಸೇರಿದಂತೆ ಹಲವರು ಭಾಗವಹಿಸಿದ್ದರು. ಶಿಕ್ಷಣ ಇಲಾಖೆಯ ಪ್ರಧಾನ ಕಾರ್ಯದರ್ಶಿ ರಿತೇಶ್ ಕುಮಾರ್ ಸಿಂಗ್, ಆಯುಕ್ತರು ಹಾಗೂ ಹಿರಿಯ ಅಧಿಕಾರಿಗಳು ಉಪಸ್ಥಿತರಿದ್ದರು. ಕಾಲಮಿತಿಯೊಳಗೆ ಸಮಸ್ಯೆಗಳನ್ನು ಬಗೆಹರಿಸುವ ಭರವಸೆ ನೀಡಿದರು.
